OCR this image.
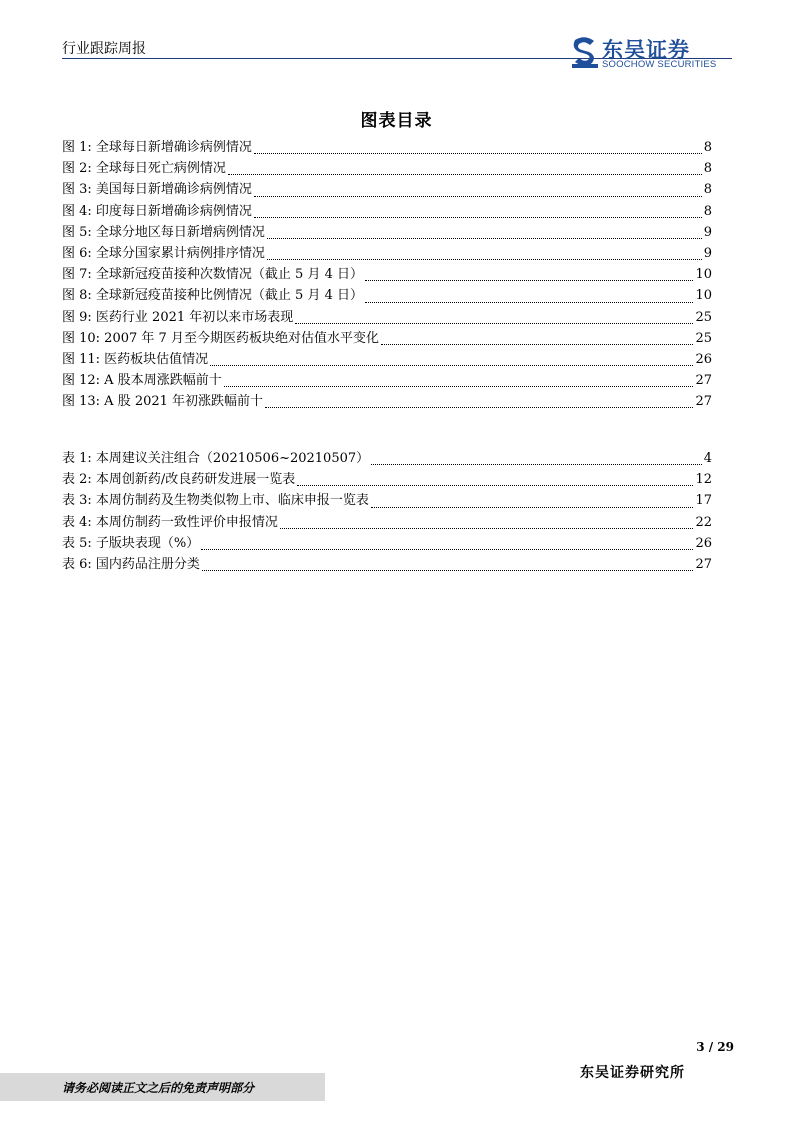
行业跟踪周报	东吴证券
SOOCHOW SECURITIES
图表目录
图 1: 全球每日新增确诊病例情况	8
图 2: 全球每日死亡病例情况	8
图 3: 美国每日新增确诊病例情况	8
图 4: 印度每日新增确诊病例情况	8
图 5: 全球分地区每日新增病例情况	9
图 6: 全球分国家累计病例排序情况	9
图 7: 全球新冠疫苗接种次数情况（截止 5 月 4 日）	10
图 8: 全球新冠疫苗接种比例情况（截止 5 月 4 日）	10
图 9: 医药行业 2021 年初以来市场表现	25
图 10: 2007 年 7 月至今期医药板块绝对估值水平变化	25
图 11: 医药板块估值情况	26
图 12: A 股本周涨跌幅前十	27
图 13: A 股 2021 年初涨跌幅前十	27
表 1: 本周建议关注组合（20210506~20210507）	4
表 2: 本周创新药/改良药研发进展一览表	12
表 3: 本周仿制药及生物类似物上市、临床申报一览表	17
表 4: 本周仿制药一致性评价申报情况	22
表 5: 子版块表现（%）	26
表 6: 国内药品注册分类	27
3 / 29
请务必阅读正文之后的免责声明部分
东吴证券研究所
